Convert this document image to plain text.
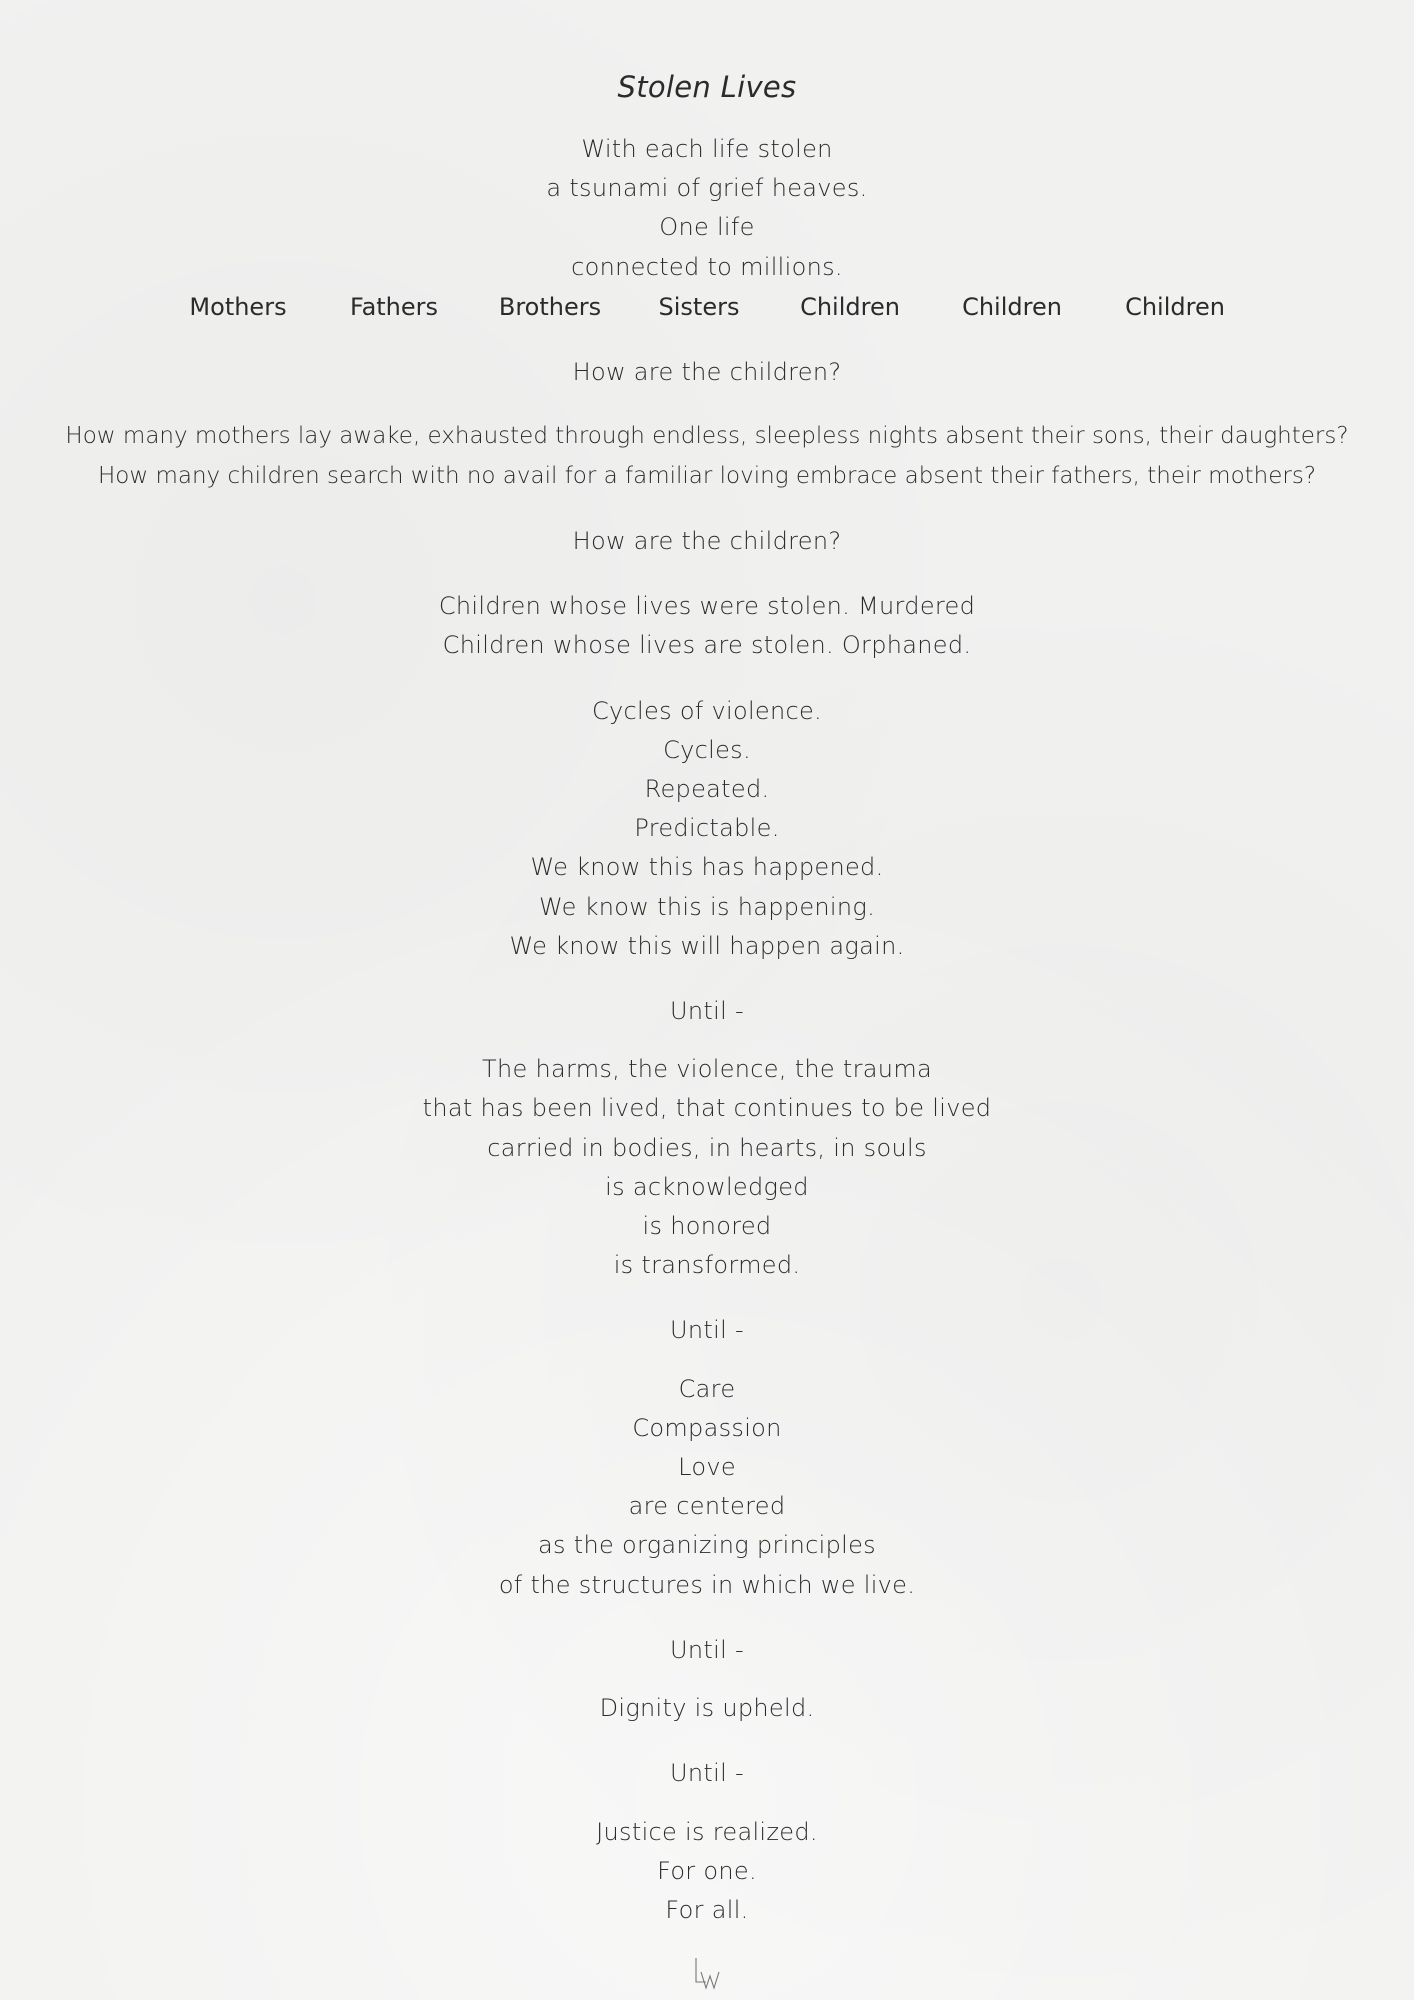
Stolen Lives
With each life stolen
a tsunami of grief heaves.
One life
connected to millions.
Mothers	Fathers	Brothers Sisters	Children	Children	Children
How are the children?
How many mothers lay awake, exhausted through endless, sleepless nights absent their sons, their daughters?
How many children search with no avail for a familiar loving embrace absent their fathers, their mothers?
How are the children?
Children whose lives were stolen. Murdered
Children whose lives are stolen. Orphaned.
Cycles of violence.
Cycles.
Repeated.
Predictable.
We know this has happened.
We know this is happening.
We know this will happen again.
Until -
The harms, the violence, the trauma
that has been lived, that continues to be lived
carried in bodies, in hearts, in souls
is acknowledged
is honored
is transformed.
Until -
Care
Compassion
Love
are centered
as the organizing principles
of the structures in which we live.
Until -
Dignity is upheld.
Until -
Justice is realized.
For one.
For all.
